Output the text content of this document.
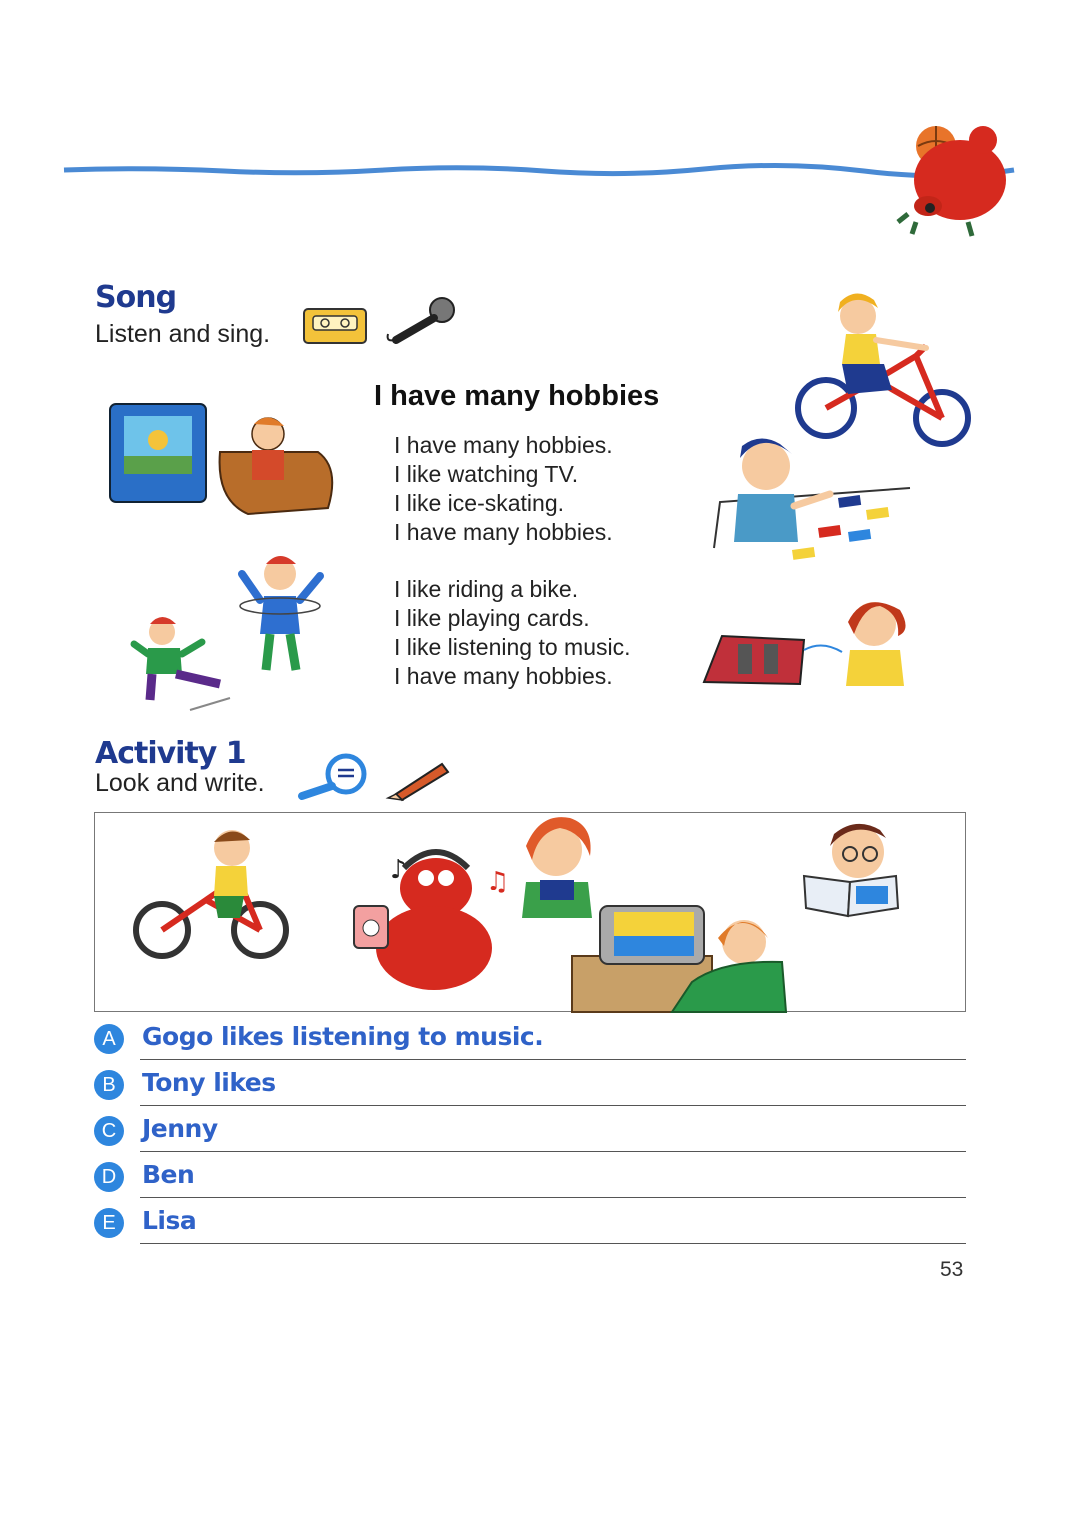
Song
Listen and sing.
I have many hobbies
I have many hobbies.
I like watching TV.
I like ice-skating.
I have many hobbies.
I like riding a bike.
I like playing cards.
I like listening to music.
I have many hobbies.
Activity 1
Look and write.
♪	♫
A	Gogo likes listening to music.
B	Tony likes
C	Jenny
D	Ben
E	Lisa
53
